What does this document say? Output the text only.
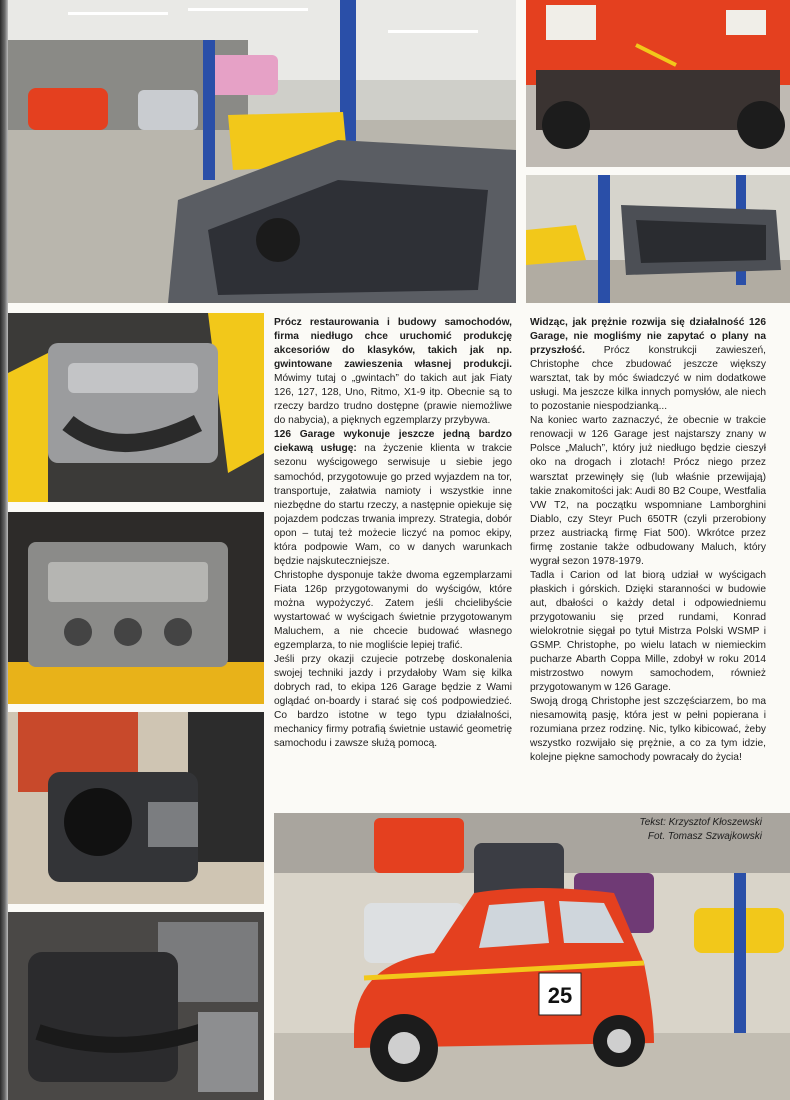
25

Prócz restaurowania i budowy samochodów, firma niedługo chce uruchomić produkcję akcesoriów do klasyków, takich jak np. gwintowane zawieszenia własnej produkcji. Mówimy tutaj o „gwintach” do takich aut jak Fiaty 126, 127, 128, Uno, Ritmo, X1-9 itp. Obecnie są to rzeczy bardzo trudno dostępne (prawie niemożliwe do nabycia), a pięknych egzemplarzy przybywa.

126 Garage wykonuje jeszcze jedną bardzo ciekawą usługę: na życzenie klienta w trakcie sezonu wyścigowego serwisuje u siebie jego samochód, przygotowuje go przed wyjazdem na tor, transportuje, załatwia namioty i wszystkie inne niezbędne do startu rzeczy, a następnie opiekuje się pojazdem podczas trwania imprezy. Strategia, dobór opon – tutaj też możecie liczyć na pomoc ekipy, która podpowie Wam, co w danych warunkach będzie najskuteczniejsze.

Christophe dysponuje także dwoma egzemplarzami Fiata 126p przygotowanymi do wyścigów, które można wypożyczyć. Zatem jeśli chcielibyście wystartować w wyścigach świetnie przygotowanym Maluchem, a nie chcecie budować własnego egzemplarza, to nie mogliście lepiej trafić.

Jeśli przy okazji czujecie potrzebę doskonalenia swojej techniki jazdy i przydałoby Wam się kilka dobrych rad, to ekipa 126 Garage będzie z Wami oglądać on-boardy i starać się coś podpowiedzieć. Co bardzo istotne w tego typu działalności, mechanicy firmy potrafią świetnie ustawić geometrię samochodu i zawsze służą pomocą.

Widząc, jak prężnie rozwija się działalność 126 Garage, nie mogliśmy nie zapytać o plany na przyszłość. Prócz konstrukcji zawieszeń, Christophe chce zbudować jeszcze większy warsztat, tak by móc świadczyć w nim dodatkowe usługi. Ma jeszcze kilka innych pomysłów, ale niech to pozostanie niespodzianką...

Na koniec warto zaznaczyć, że obecnie w trakcie renowacji w 126 Garage jest najstarszy znany w Polsce „Maluch”, który już niedługo będzie cieszył oko na drogach i zlotach! Prócz niego przez warsztat przewinęły się (lub właśnie przewijają) takie znakomitości jak: Audi 80 B2 Coupe, Westfalia VW T2, na początku wspomniane Lamborghini Diablo, czy Steyr Puch 650TR (czyli przerobiony przez austriacką firmę Fiat 500). Wkrótce przez firmę zostanie także odbudowany Maluch, który wygrał sezon 1978-1979.

Tadla i Carion od lat biorą udział w wyścigach płaskich i górskich. Dzięki staranności w budowie aut, dbałości o każdy detal i odpowiedniemu przygotowaniu się przed rundami, Konrad wielokrotnie sięgał po tytuł Mistrza Polski WSMP i GSMP. Christophe, po wielu latach w niemieckim pucharze Abarth Coppa Mille, zdobył w roku 2014 mistrzostwo nowym samochodem, również przygotowanym w 126 Garage.

Swoją drogą Christophe jest szczęściarzem, bo ma niesamowitą pasję, która jest w pełni popierana i rozumiana przez rodzinę. Nic, tylko kibicować, żeby wszystko rozwijało się prężnie, a co za tym idzie, kolejne piękne samochody powracały do życia!

Tekst: Krzysztof Kłoszewski
Fot. Tomasz Szwajkowski
